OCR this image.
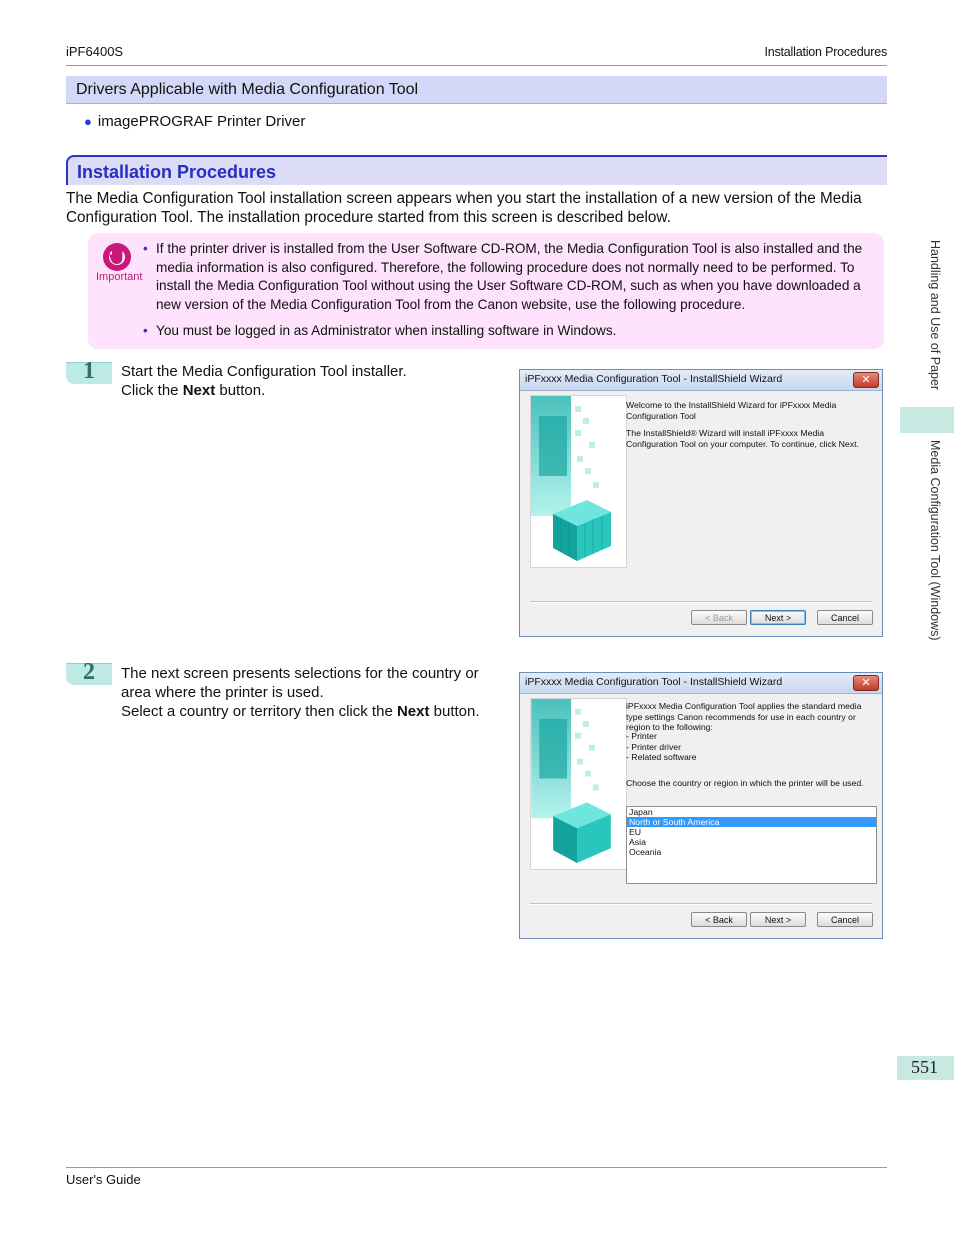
iPF6400S	Installation Procedures
Drivers Applicable with Media Configuration Tool
● imagePROGRAF Printer Driver
Installation Procedures
The Media Configuration Tool installation screen appears when you start the installation of a new version of the Media Configuration Tool. The installation procedure started from this screen is described below.
Important
• If the printer driver is installed from the User Software CD-ROM, the Media Configuration Tool is also installed and the media information is also configured. Therefore, the following procedure does not normally need to be performed. To install the Media Configuration Tool without using the User Software CD-ROM, such as when you have downloaded a new version of the Media Configuration Tool from the Canon website, use the following procedure.
• You must be logged in as Administrator when installing software in Windows.
1 Start the Media Configuration Tool installer.
Click the Next button.
iPFxxxx Media Configuration Tool - InstallShield Wizard	✕
Welcome to the InstallShield Wizard for iPFxxxx Media Configuration Tool
The InstallShield® Wizard will install iPFxxxx Media Configuration Tool on your computer. To continue, click Next.
< Back	Next >	Cancel
2 The next screen presents selections for the country or area where the printer is used.
Select a country or territory then click the Next button.
iPFxxxx Media Configuration Tool - InstallShield Wizard	✕
iPFxxxx Media Configuration Tool applies the standard media type settings Canon recommends for use in each country or region to the following:
- Printer
- Printer driver
- Related software
Choose the country or region in which the printer will be used.
Japan
North or South America
EU
Asia
Oceania
< Back	Next >	Cancel
Handling and Use of Paper
Media Configuration Tool (Windows)
551
User's Guide
